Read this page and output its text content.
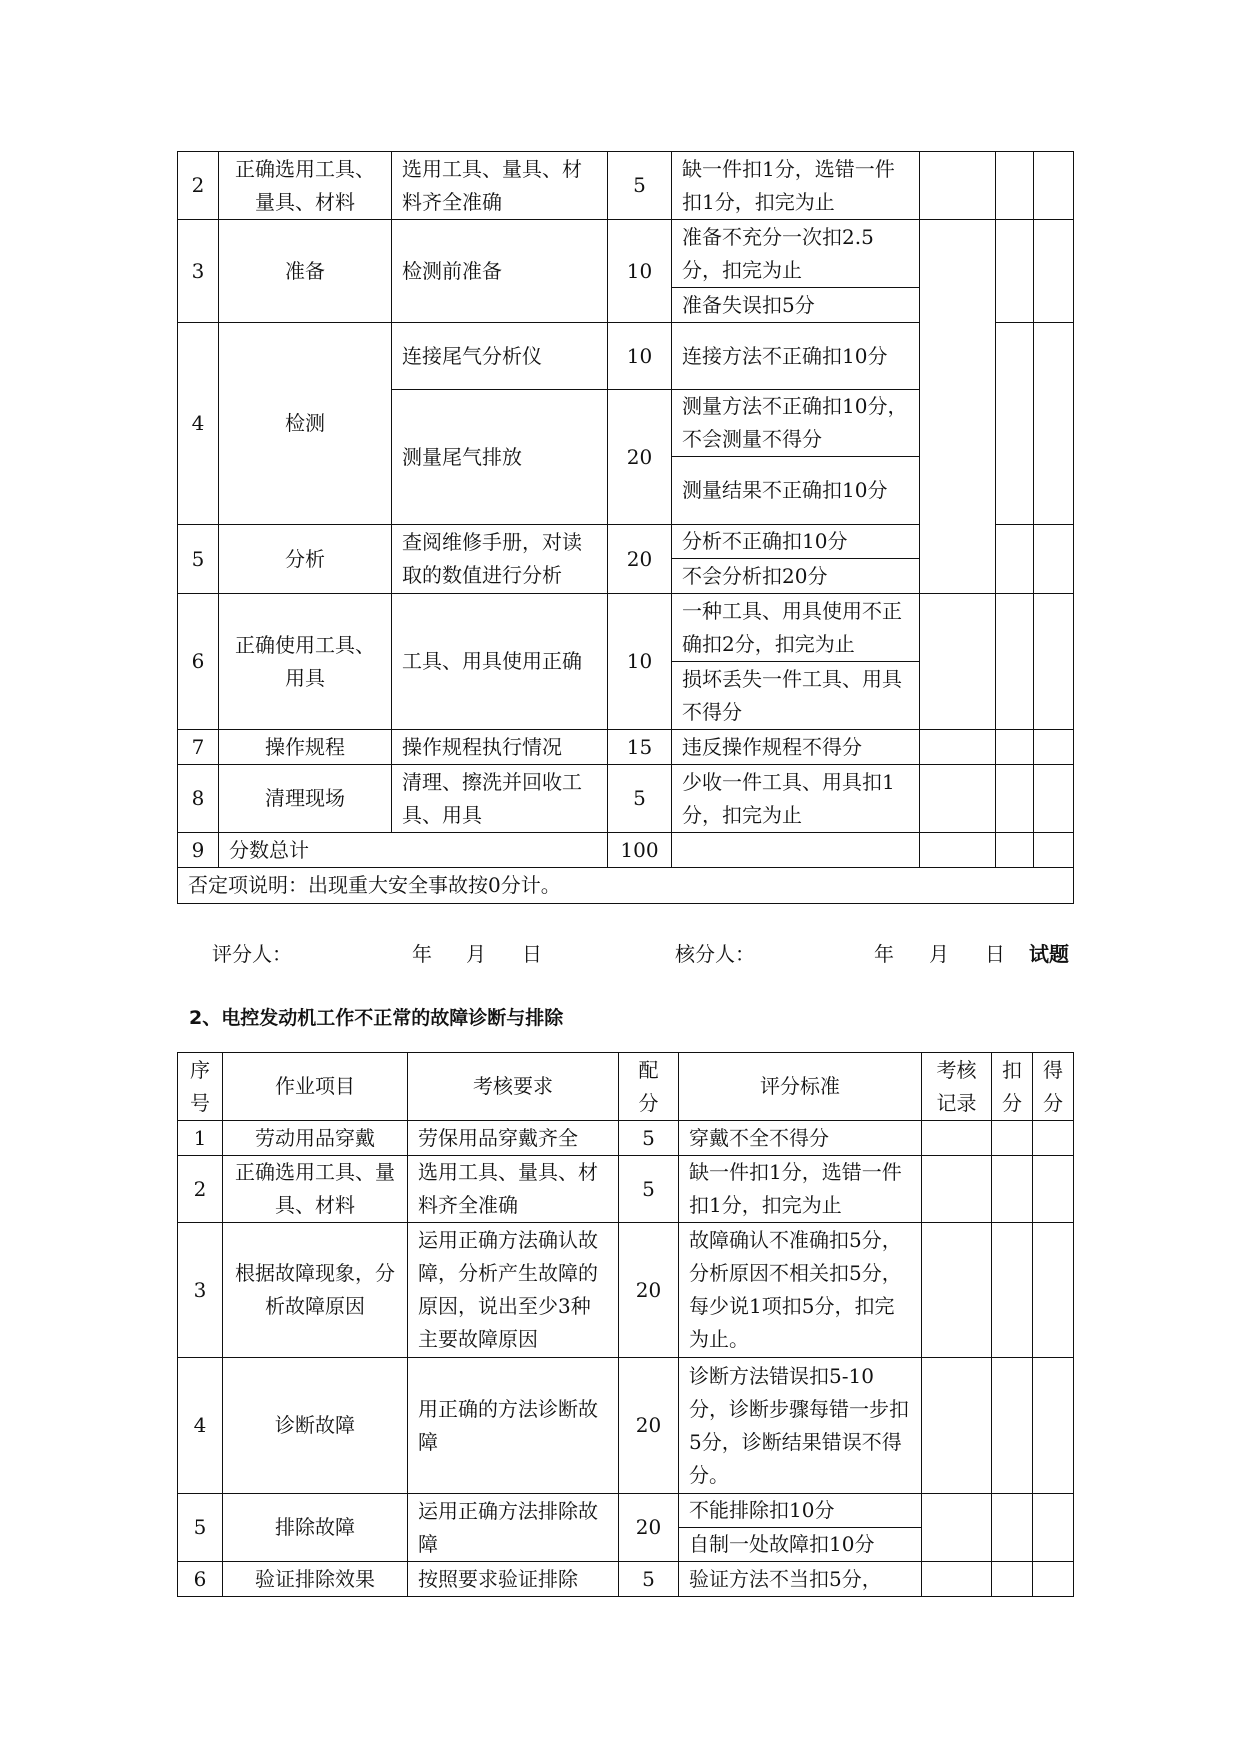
2	正确选用工具、量具、材料	选用工具、量具、材料齐全准确	5	缺一件扣1分，选错一件扣1分，扣完为止			
3	准备	检测前准备	10	准备不充分一次扣2.5分，扣完为止			
				准备失误扣5分			
4	检测	连接尾气分析仪	10	连接方法不正确扣10分			
		测量尾气排放	20	测量方法不正确扣10分，不会测量不得分			
				测量结果不正确扣10分			
5	分析	查阅维修手册，对读取的数值进行分析	20	分析不正确扣10分			
				不会分析扣20分			
6	正确使用工具、用具	工具、用具使用正确	10	一种工具、用具使用不正确扣2分，扣完为止			
				损坏丢失一件工具、用具不得分			
7	操作规程	操作规程执行情况	15	违反操作规程不得分			
8	清理现场	清理、擦洗并回收工具、用具	5	少收一件工具、用具扣1分，扣完为止			
9	分数总计		100				
否定项说明：出现重大安全事故按0分计。							
评分人：	年 月 日	核分人：	年 月 日 试题
2、电控发动机工作不正常的故障诊断与排除
序号	作业项目	考核要求	配分	评分标准	考核记录	扣分	得分
1	劳动用品穿戴	劳保用品穿戴齐全	5	穿戴不全不得分			
2	正确选用工具、量具、材料	选用工具、量具、材料齐全准确	5	缺一件扣1分，选错一件扣1分，扣完为止			
3	根据故障现象，分析故障原因	运用正确方法确认故障，分析产生故障的原因，说出至少3种主要故障原因	20	故障确认不准确扣5分，分析原因不相关扣5分，每少说1项扣5分，扣完为止。			
4	诊断故障	用正确的方法诊断故障	20	诊断方法错误扣5-10分，诊断步骤每错一步扣5分，诊断结果错误不得分。			
5	排除故障	运用正确方法排除故障	20	不能排除扣10分			
				自制一处故障扣10分			
6	验证排除效果	按照要求验证排除	5	验证方法不当扣5分，			
